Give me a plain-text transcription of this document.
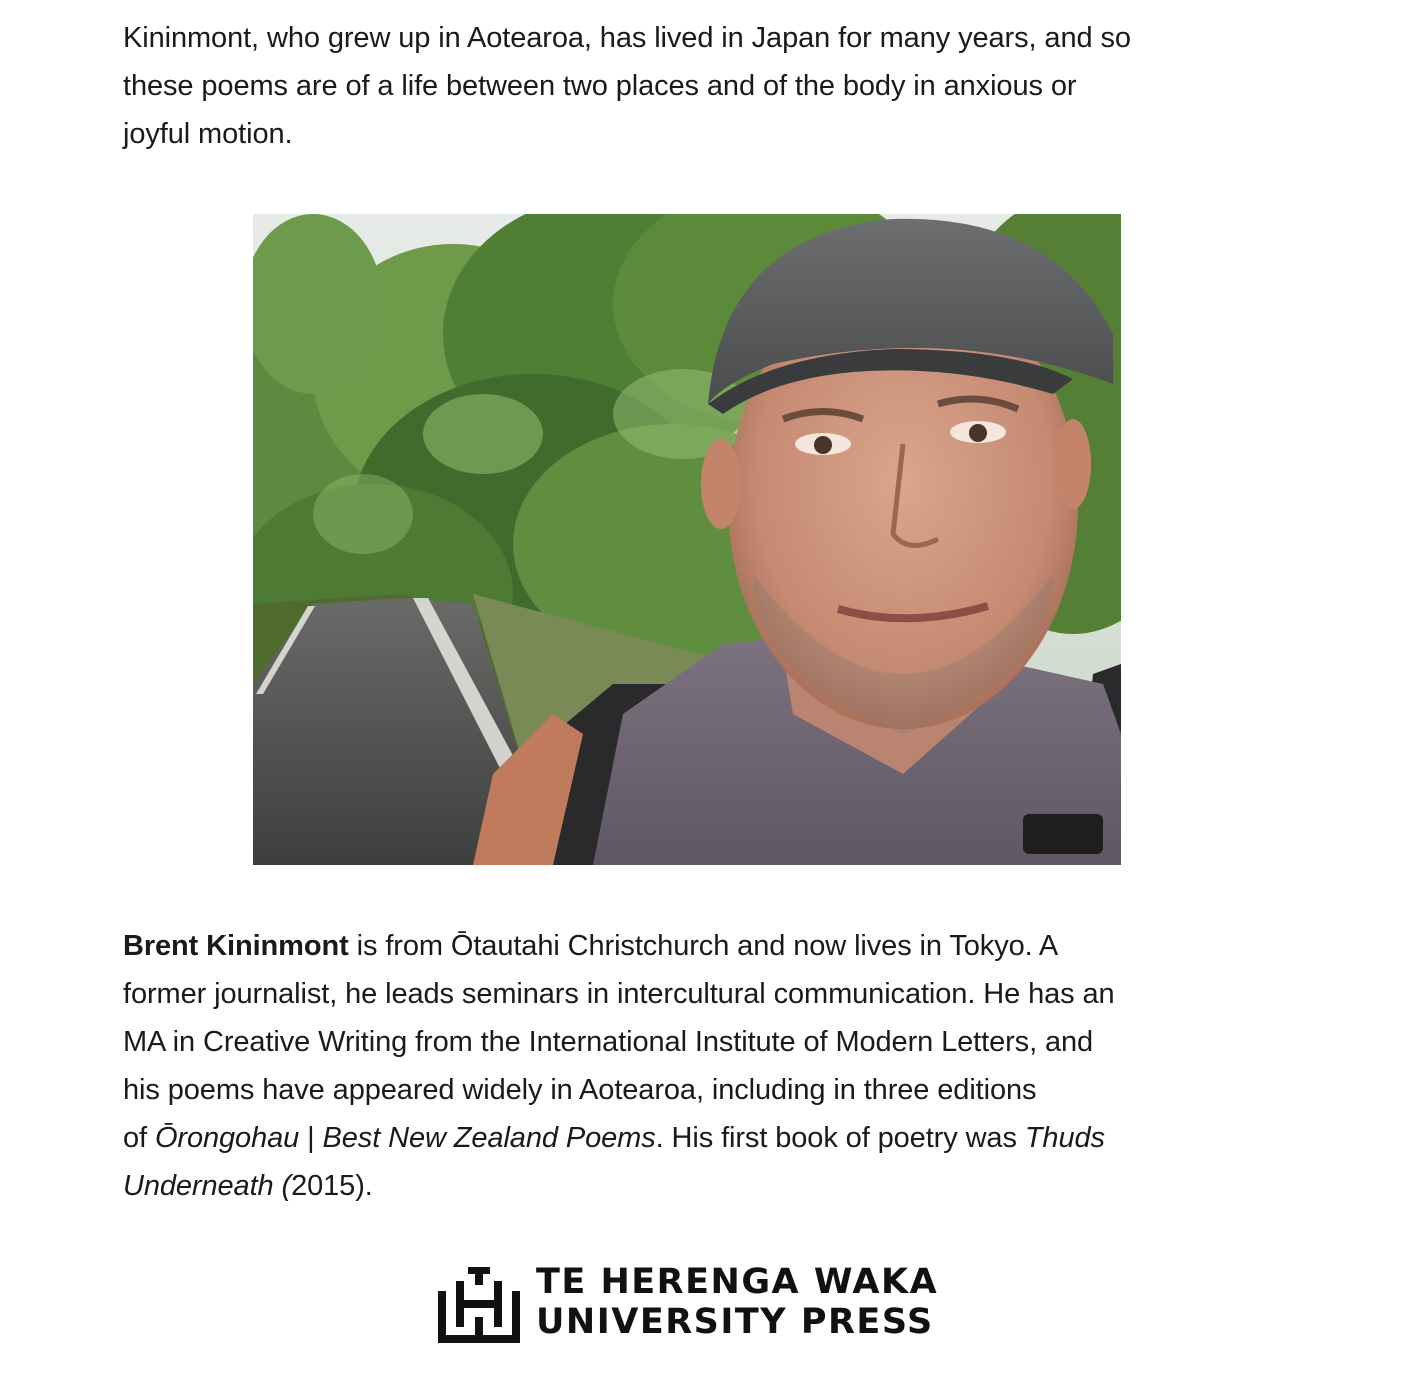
Kininmont, who grew up in Aotearoa, has lived in Japan for many years, and so
these poems are of a life between two places and of the body in anxious or
joyful motion.

Brent Kininmont is from Ōtautahi Christchurch and now lives in Tokyo. A
former journalist, he leads seminars in intercultural communication. He has an
MA in Creative Writing from the International Institute of Modern Letters, and
his poems have appeared widely in Aotearoa, including in three editions
of Ōrongohau | Best New Zealand Poems. His first book of poetry was Thuds
Underneath (2015).

TE HERENGA WAKA
UNIVERSITY PRESS
